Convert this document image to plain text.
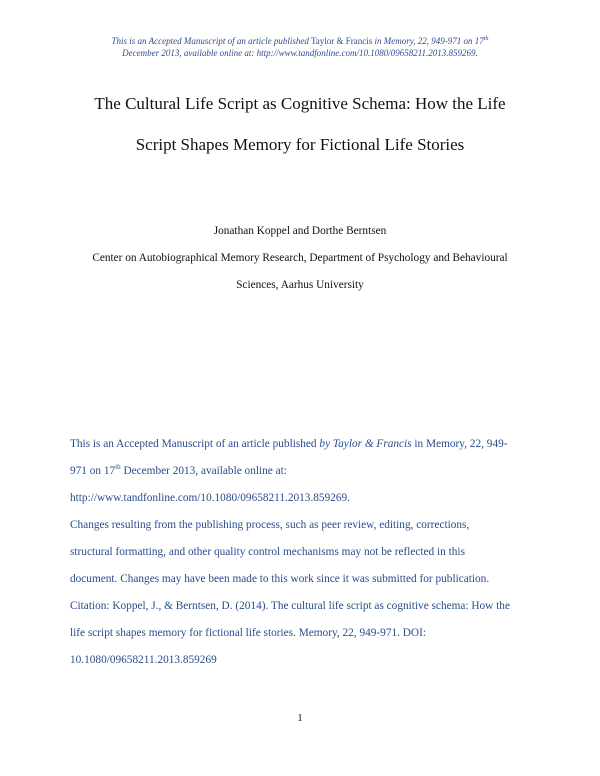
This is an Accepted Manuscript of an article published Taylor & Francis in Memory, 22, 949-971 on 17th
December 2013, available online at: http://www.tandfonline.com/10.1080/09658211.2013.859269.
The Cultural Life Script as Cognitive Schema: How the Life
Script Shapes Memory for Fictional Life Stories
Jonathan Koppel and Dorthe Berntsen
Center on Autobiographical Memory Research, Department of Psychology and Behavioural
Sciences, Aarhus University
This is an Accepted Manuscript of an article published by Taylor & Francis in Memory, 22, 949-
971 on 17th December 2013, available online at:
http://www.tandfonline.com/10.1080/09658211.2013.859269.
Changes resulting from the publishing process, such as peer review, editing, corrections,
structural formatting, and other quality control mechanisms may not be reflected in this
document. Changes may have been made to this work since it was submitted for publication.
Citation: Koppel, J., & Berntsen, D. (2014). The cultural life script as cognitive schema: How the
life script shapes memory for fictional life stories. Memory, 22, 949-971. DOI:
10.1080/09658211.2013.859269
1
